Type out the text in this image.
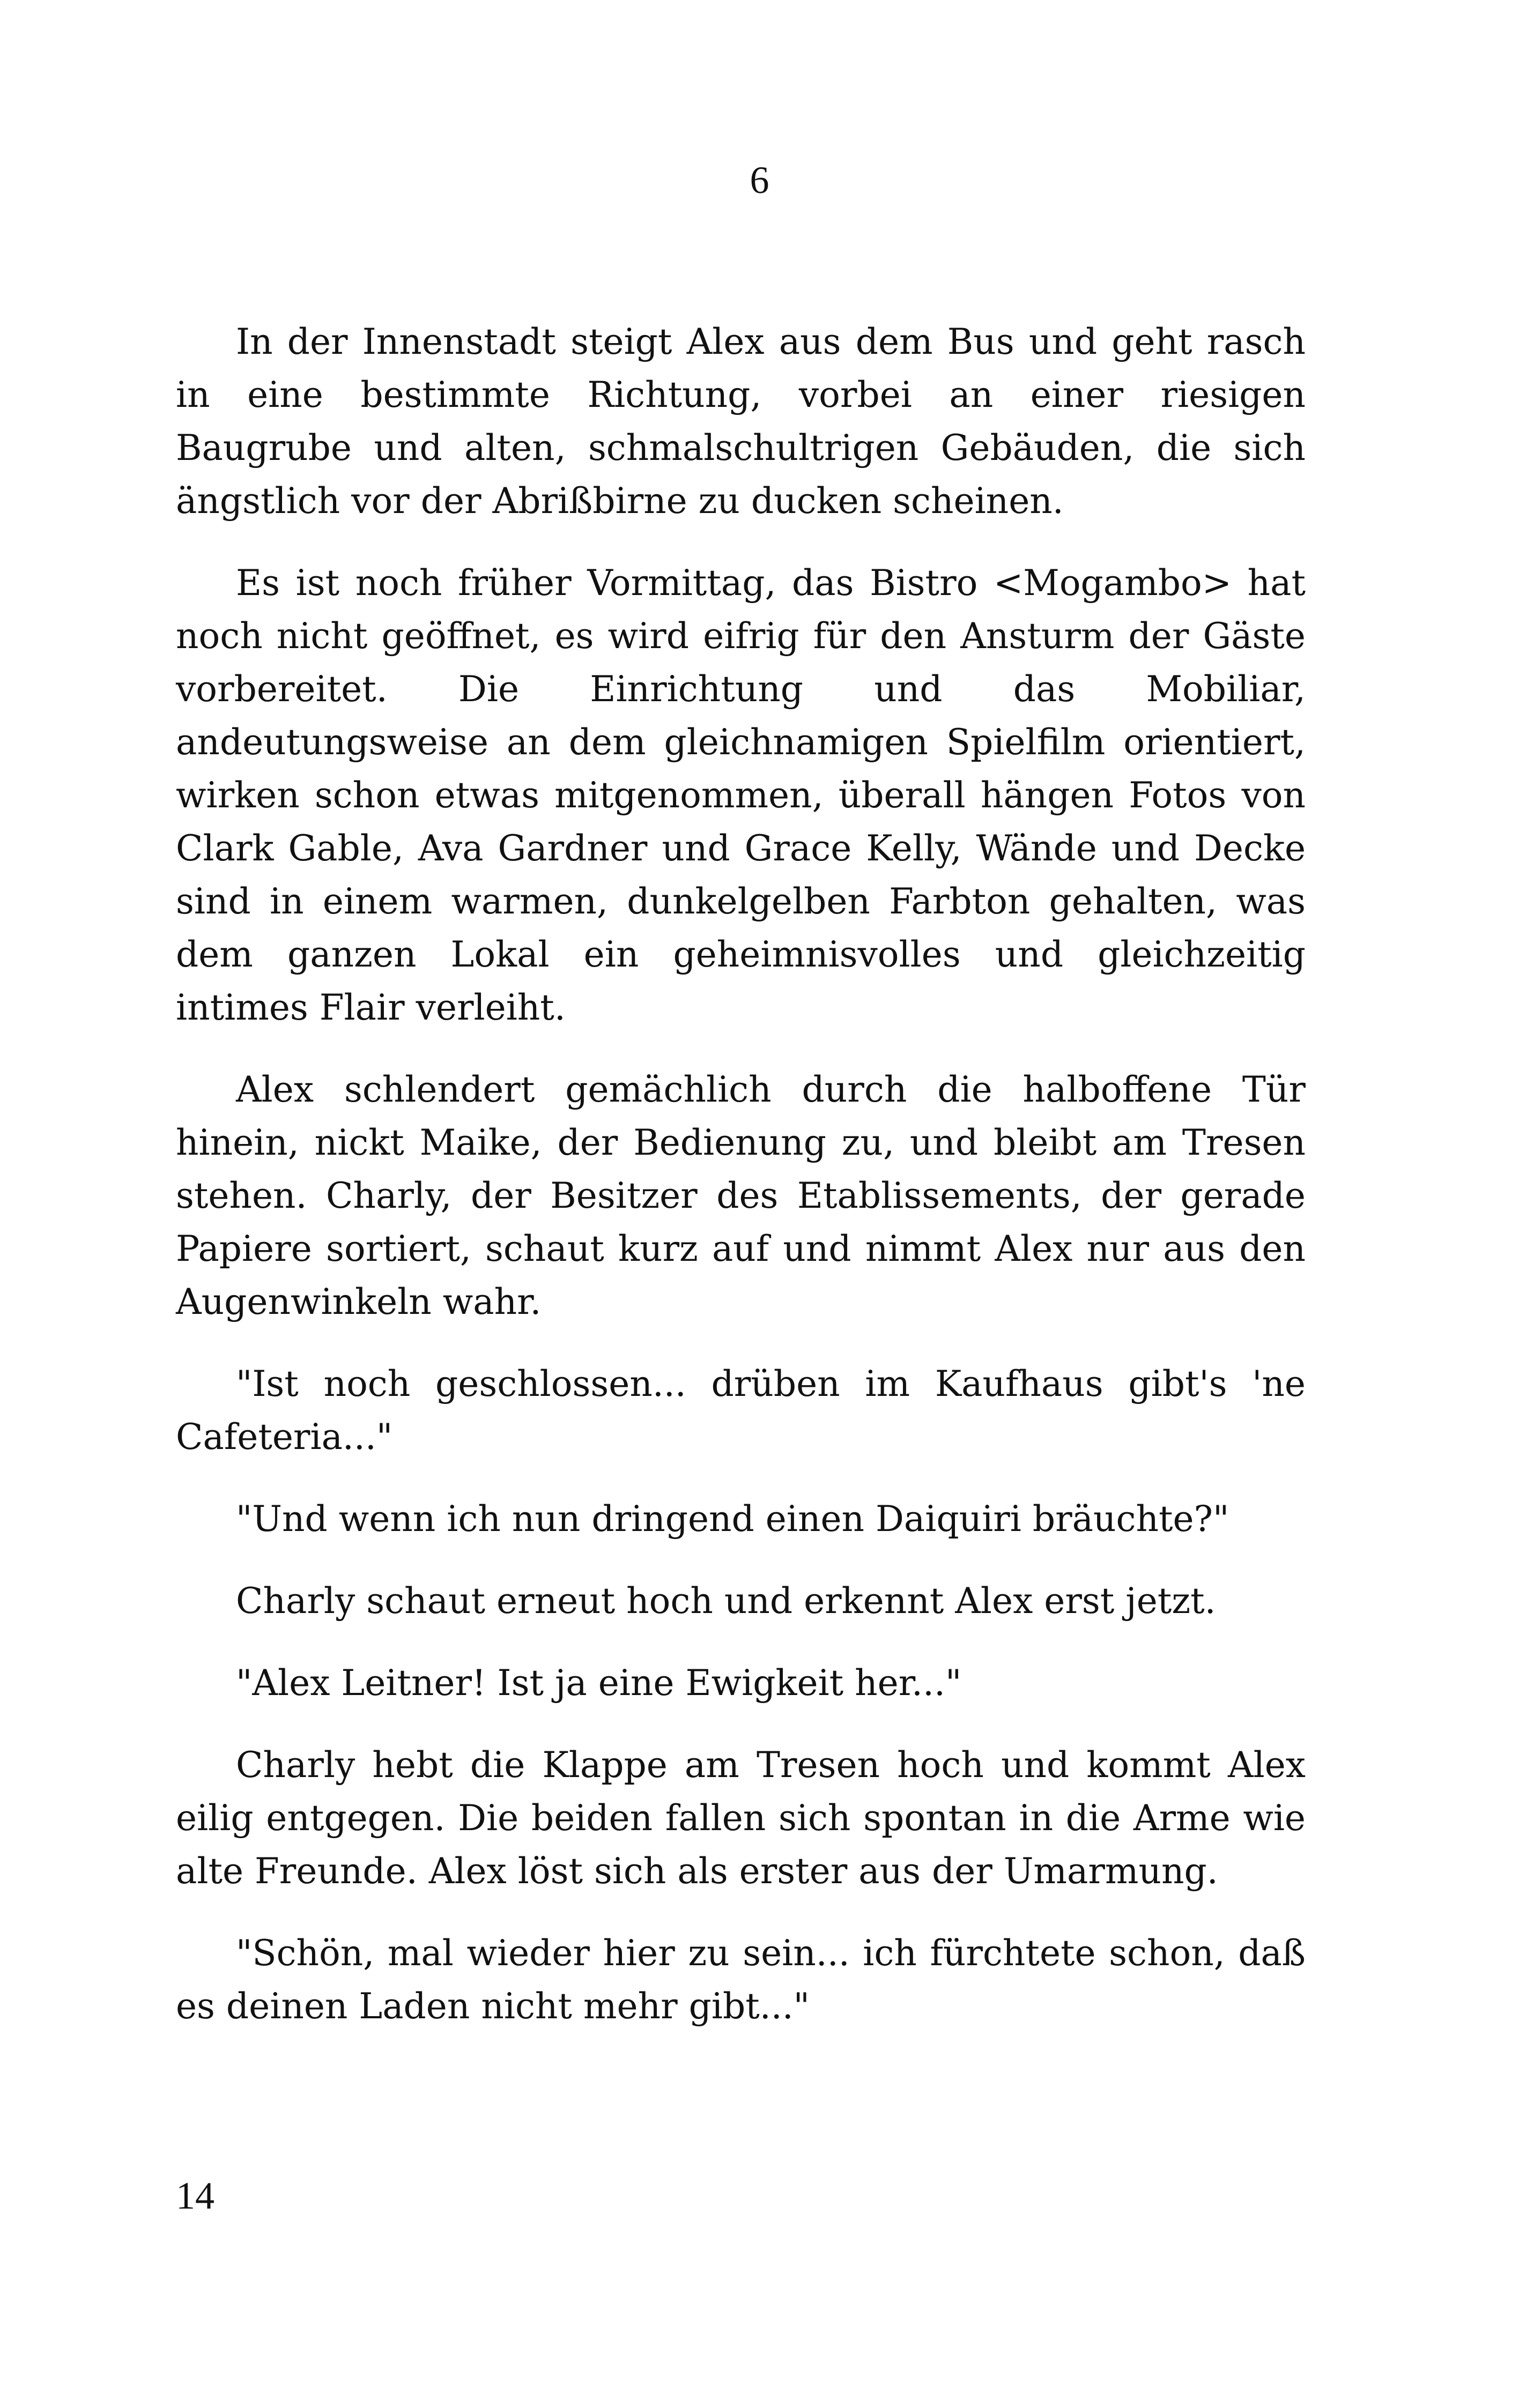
6

In der Innenstadt steigt Alex aus dem Bus und geht rasch in eine bestimmte Richtung, vorbei an einer riesigen Baugrube und alten, schmalschultrigen Gebäuden, die sich ängstlich vor der Abrißbirne zu ducken scheinen.

Es ist noch früher Vormittag, das Bistro <Mogambo> hat noch nicht geöffnet, es wird eifrig für den Ansturm der Gäste vorbereitet. Die Einrichtung und das Mobiliar, andeutungsweise an dem gleichnamigen Spielfilm orientiert, wirken schon etwas mitgenommen, überall hängen Fotos von Clark Gable, Ava Gardner und Grace Kelly, Wände und Decke sind in einem warmen, dunkelgelben Farbton gehalten, was dem ganzen Lokal ein geheimnisvolles und gleichzeitig intimes Flair verleiht.

Alex schlendert gemächlich durch die halboffene Tür hinein, nickt Maike, der Bedienung zu, und bleibt am Tresen stehen. Charly, der Besitzer des Etablissements, der gerade Papiere sortiert, schaut kurz auf und nimmt Alex nur aus den Augenwinkeln wahr.

"Ist noch geschlossen... drüben im Kaufhaus gibt's 'ne Cafeteria..."

"Und wenn ich nun dringend einen Daiquiri bräuchte?"

Charly schaut erneut hoch und erkennt Alex erst jetzt.

"Alex Leitner! Ist ja eine Ewigkeit her..."

Charly hebt die Klappe am Tresen hoch und kommt Alex eilig entgegen. Die beiden fallen sich spontan in die Arme wie alte Freunde. Alex löst sich als erster aus der Umarmung.

"Schön, mal wieder hier zu sein... ich fürchtete schon, daß es deinen Laden nicht mehr gibt..."

14
